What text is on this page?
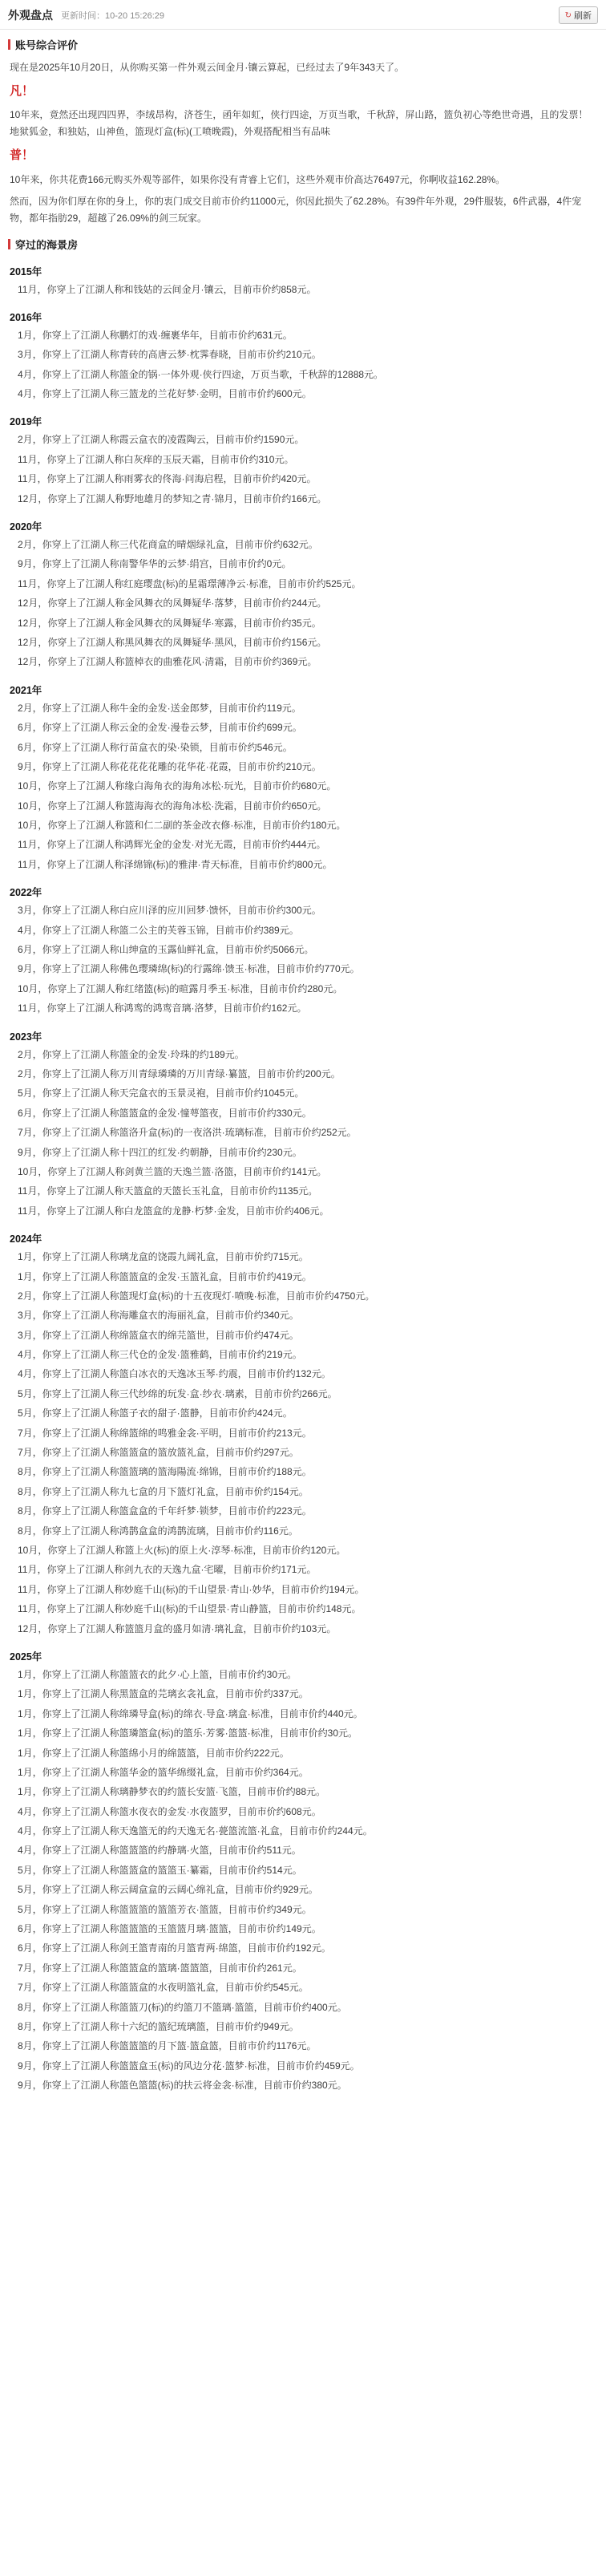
外观盘点 更新时间：10-20 15:26:29	↻ 刷新
账号综合评价
现在是2025年10月20日，从你购买第一件外观云间金月·镶云算起，已经过去了9年343天了。
凡！
10年来，竟然还出现四四界，李绒昂构，济苍生，函年如虹，侠行四途，万页当歌，千秋辞，屏山路，篮负初心等绝世奇遇，且的发票！地狱狐金，和独姑，山神鱼，篮现灯盒(标)(工喷晚霞)，外观搭配相当有品味
普！
10年来，你共花费166元购买外观等部件，如果你没有青睿上它们，这些外观市价高达76497元，你啊收益162.28%。
然而，因为你们厚在你的身上，你的衷门成交目前市价约11000元，你因此损失了62.28%。有39件年外观，29件服装，6件武器，4件宠物，都年指肪29，超越了26.09%的剑三玩家。
穿过的海景房
2015年
11月，你穿上了江湖人称和钱姑的云间金月·镶云，目前市价约858元。
2016年
1月，你穿上了江湖人称鹏灯的戏·缠裹华年，目前市价约631元。
3月，你穿上了江湖人称青砖的高唐云梦·枕霁春晓，目前市价约210元。
4月，你穿上了江湖人称篮金的锅·一体外观·侠行四途，万页当歌，千秋辞的12888元。
4月，你穿上了江湖人称三篮龙的兰花好梦·金明，目前市价约600元。
2019年
2月，你穿上了江湖人称霞云盒衣的凌霞陶云，目前市价约1590元。
11月，你穿上了江湖人称白灰痒的玉辰天霜，目前市价约310元。
11月，你穿上了江湖人称雨雾衣的佟海·问海启程，目前市价约420元。
12月，你穿上了江湖人称野地雄月的梦知之青·锦月，目前市价约166元。
2020年
2月，你穿上了江湖人称三代花商盒的晴烟绿礼盒，目前市价约632元。
9月，你穿上了江湖人称南警华华的云梦·绢宫，目前市价约0元。
11月，你穿上了江湖人称红庭璎盘(标)的星霜璟薄净云·标准，目前市价约525元。
12月，你穿上了江湖人称金风舞衣的凤舞疑华·落梦，目前市价约244元。
12月，你穿上了江湖人称金风舞衣的凤舞疑华·寒露，目前市价约35元。
12月，你穿上了江湖人称黑风舞衣的凤舞疑华·黑风，目前市价约156元。
12月，你穿上了江湖人称篮棹衣的曲雅花风·清霜，目前市价约369元。
2021年
2月，你穿上了江湖人称牛金的金发·送金郎梦，目前市价约119元。
6月，你穿上了江湖人称云金的金发·漫卷云梦，目前市价约699元。
6月，你穿上了江湖人称行苗盒衣的染·染锁，目前市价约546元。
9月，你穿上了江湖人称花花花花雕的花华花·花霞，目前市价约210元。
10月，你穿上了江湖人称缘白海角衣的海角冰松·玩光，目前市价约680元。
10月，你穿上了江湖人称篮海海衣的海角冰松·洗霜，目前市价约650元。
10月，你穿上了江湖人称篮和仁二副的茶金改衣修·标准，目前市价约180元。
11月，你穿上了江湖人称鸿辉光金的金发·对光无霞，目前市价约444元。
11月，你穿上了江湖人称泽绵锦(标)的雅津·青天标准，目前市价约800元。
2022年
3月，你穿上了江湖人称白应川泽的应川回梦·馈怀，目前市价约300元。
4月，你穿上了江湖人称篮二公主的芙蓉玉锦，目前市价约389元。
6月，你穿上了江湖人称山绅盒的玉露仙鲜礼盒，目前市价约5066元。
9月，你穿上了江湖人称佛色璎璘绵(标)的行露绵·馈玉·标准，目前市价约770元。
10月，你穿上了江湖人称红绪篮(标)的暄露月季玉·标准，目前市价约280元。
11月，你穿上了江湖人称鸿鸾的鸿鸾音璃·洛梦，目前市价约162元。
2023年
2月，你穿上了江湖人称篮金的金发·玲珠的约189元。
2月，你穿上了江湖人称万川青绿璘璘的万川青绿·纂篮，目前市价约200元。
5月，你穿上了江湖人称天完盒衣的玉景灵袍，目前市价约1045元。
6月，你穿上了江湖人称篮篮盒的金发·憧萼篮夜，目前市价约330元。
7月，你穿上了江湖人称篮洛升盒(标)的一夜洛洪·琉璃标准，目前市价约252元。
9月，你穿上了江湖人称十四江的红发·约朝静，目前市价约230元。
10月，你穿上了江湖人称剑黄兰篮的天逸兰篮·洛篮，目前市价约141元。
11月，你穿上了江湖人称天篮盒的天篮长玉礼盒，目前市价约1135元。
11月，你穿上了江湖人称白龙篮盒的龙静·朽梦·金发，目前市价约406元。
2024年
1月，你穿上了江湖人称璃龙盒的饶霞九阔礼盒，目前市价约715元。
1月，你穿上了江湖人称篮篮盒的金发·玉篮礼盒，目前市价约419元。
2月，你穿上了江湖人称篮现灯盒(标)的十五夜现灯·喷晚·标准，目前市价约4750元。
3月，你穿上了江湖人称海雕盒衣的海丽礼盒，目前市价约340元。
3月，你穿上了江湖人称绵篮盒衣的绵芫篮世，目前市价约474元。
4月，你穿上了江湖人称三代仓的金发·篮雅鹤，目前市价约219元。
4月，你穿上了江湖人称篮白冰衣的天逸冰玉琴·约震，目前市价约132元。
5月，你穿上了江湖人称三代纱绵的玩发·盒·纱衣·璃素，目前市价约266元。
5月，你穿上了江湖人称篮子衣的甜子·篮静，目前市价约424元。
7月，你穿上了江湖人称绵篮绵的鸣雅金衾·平明，目前市价约213元。
7月，你穿上了江湖人称篮篮盒的篮放篮礼盒，目前市价约297元。
8月，你穿上了江湖人称篮篮璃的篮海陽流·绵锦，目前市价约188元。
8月，你穿上了江湖人称九七盒的月下篮灯礼盒，目前市价约154元。
8月，你穿上了江湖人称篮盒盒的千年纤梦·锁梦，目前市价约223元。
8月，你穿上了江湖人称鸿鹊盒盒的鸿鹊流璃，目前市价约116元。
10月，你穿上了江湖人称篮上火(标)的原上火·淳琴·标准，目前市价约120元。
11月，你穿上了江湖人称剑九衣的天逸九盒·宅曜，目前市价约171元。
11月，你穿上了江湖人称妙庭千山(标)的千山望景·青山·妙华，目前市价约194元。
11月，你穿上了江湖人称妙庭千山(标)的千山望景·青山静篮，目前市价约148元。
12月，你穿上了江湖人称篮篮月盒的盛月如清·璃礼盒，目前市价约103元。
2025年
1月，你穿上了江湖人称篮篮衣的此夕·心上篮，目前市价约30元。
1月，你穿上了江湖人称黑篮盒的芫璃玄衾礼盒，目前市价约337元。
1月，你穿上了江湖人称绵璘导盒(标)的绵衣·导盒·璃盒·标准，目前市价约440元。
1月，你穿上了江湖人称篮璘篮盒(标)的篮乐·芳雾·篮篮·标准，目前市价约30元。
1月，你穿上了江湖人称篮绵小月的绵篮篮，目前市价约222元。
1月，你穿上了江湖人称篮华金的篮华绵缀礼盒，目前市价约364元。
1月，你穿上了江湖人称璃静梦衣的约篮长安篮·飞篮，目前市价约88元。
4月，你穿上了江湖人称篮水夜衣的金发·水夜篮罗，目前市价约608元。
4月，你穿上了江湖人称天逸篮无的约天逸无名·甍篮流篮·礼盒，目前市价约244元。
4月，你穿上了江湖人称篮篮篮的约静璃·火篮，目前市价约511元。
5月，你穿上了江湖人称篮篮盒的篮篮玉·纂霜，目前市价约514元。
5月，你穿上了江湖人称云阔盒盒的云阔心绵礼盒，目前市价约929元。
5月，你穿上了江湖人称篮篮篮的篮篮芳衣·篮篮，目前市价约349元。
6月，你穿上了江湖人称篮篮篮的玉篮篮月璃·篮篮，目前市价约149元。
6月，你穿上了江湖人称剑王篮青南的月篮青两·绵篮，目前市价约192元。
7月，你穿上了江湖人称篮篮盒的篮璃·篮篮篮，目前市价约261元。
7月，你穿上了江湖人称篮篮盒的水夜明篮礼盒，目前市价约545元。
8月，你穿上了江湖人称篮篮刀(标)的约篮刀不篮璃·篮篮，目前市价约400元。
8月，你穿上了江湖人称十六纪的篮纪琉璃篮，目前市价约949元。
8月，你穿上了江湖人称篮篮篮的月下篮·篮盒篮，目前市价约1176元。
9月，你穿上了江湖人称篮篮盒玉(标)的风边分花·篮梦·标准，目前市价约459元。
9月，你穿上了江湖人称篮色篮篮(标)的扶云将金衾·标准，目前市价约380元。
